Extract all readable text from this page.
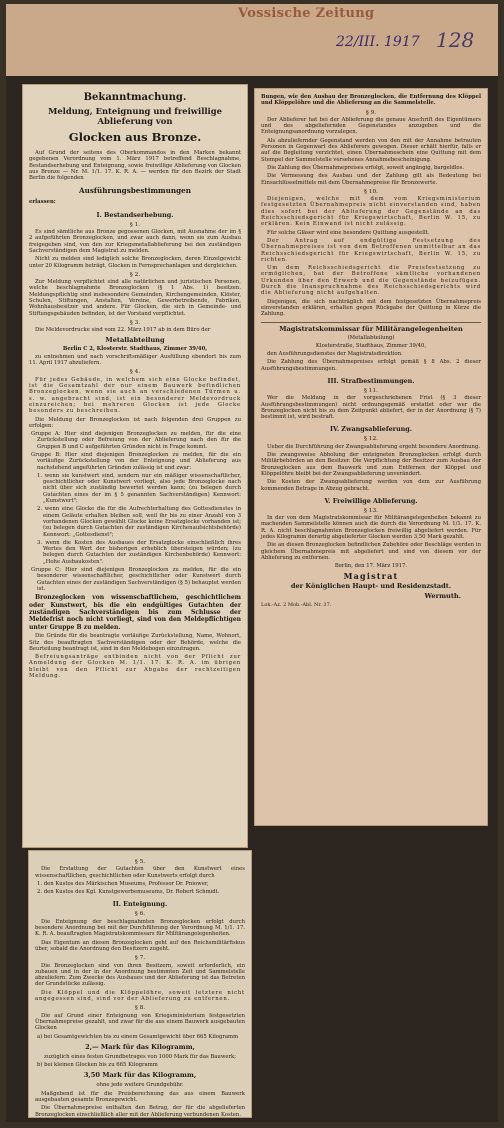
Vossische Zeitung
22/III. 1917 128
Bekanntmachung.
Meldung, Enteignung und freiwillige Ablieferung von
Glocken aus Bronze.

Auf Grund der seitens des Oberkommandos in den Marken bekannt gegebenen Verordnung vom 1. März 1917 betreffend Beschlagnahme, Bestandserhebung und Enteignung, sowie freiwillige Ablieferung von Glocken aus Bronze — Nr. M. 1/1. 17. K. R. A. — werden für den Bezirk der Stadt Berlin die folgenden

Ausführungsbestimmungen

erlassen:

I. Bestandserhebung.
§ 1.

Es sind sämtliche aus Bronze gegossenen Glocken, mit Ausnahme der im § 2 aufgeführten Bronzeglocken, und zwar auch dann, wenn sie zum Ausbau freigegeben sind, von den zur Kriegsmetallablieferung bei den zuständigen Sachverständigen dem Magistrat zu melden.

Nicht zu melden sind lediglich solche Bronzeglocken, deren Einzelgewicht unter 20 Kilogramm beträgt, Glocken in Fernsprechanlagen und dergleichen.

§ 2.

Zur Meldung verpflichtet sind alle natürlichen und juristischen Personen, welche beschlagnahmte Bronzeglocken (§ 1 Abs. 1) besitzen. Meldungspflichtig sind insbesondere Gemeinden, Kirchengemeinden, Klöster, Schulen, Stiftungen, Anstalten, Vereine, Gewerbetreibende, Fabriken, Wohnhausbesitzer und andere. Für Glocken, die sich in Gemeinde- und Stiftungsgebäuden befinden, ist der Vorstand verpflichtet.

§ 3.

Die Meldevordrucke sind vom 22. März 1917 ab in dem Büro der

Metallabteilung

Berlin C 2, Klosterstr. Stadthaus, Zimmer 39/40,

zu entnehmen und nach vorschriftsmäßiger Ausfüllung ebendort bis zum 11. April 1917 abzuliefern.

§ 4.

Für jedes Gebäude, in welchem sich eine Glocke befindet, ist die Gesamtzahl der nur einem Bauwerk befindlichen Bronzeglocken, wenn sie auch an verschiedenen Türmen u. s. w. angebracht sind, ist ein besonderer Meldevordruck einzureichen; bei mehreren Glocken ist jede Glocke besonders zu beschreiben.

Die Meldung der Bronzeglocken ist nach folgenden drei Gruppen zu erfolgen:

Gruppe A: Hier sind diejenigen Bronzeglocken zu melden, für die eine Zurückstellung oder Befreiung von der Ablieferung nach den für die Gruppen B und C aufgeführten Gründen nicht in Frage kommt.

Gruppe B: Hier sind diejenigen Bronzeglocken zu melden, für die ein vorläufige Zurückstellung von der Enteignung und Ablieferung aus nachstehend angeführten Gründen zulässig ist und zwar:

1. wenn sie kunstwert sind, sondern nur ein mäßiger wissenschaftlicher, geschichtlicher oder Kunstwert vorliegt, also jede Bronzeglocke nach nicht über sich zuständig bewertet werden kann; (zu belegen durch Gutachten eines der im § 5 genannten Sachverständigen) Kennwort: „Kunstwert";

2. wenn eine Glocke die für die Aufrechterhaltung des Gottesdienstes in einem Geläute erhalten bleiben soll, weil ihr bis zu einer Anzahl von 3 vorhandenen Glocken gewählt Glocke keine Ersatzglocke vorhanden ist; (zu belegen durch Gutachten der zuständigen Kirchenaufsichtsbehörde) Kennwort: „Gottesdienst";

3. wenn die Kosten des Ausbaues der Ersatzglocke einschließlich ihres Wertes den Wert der bisherigen erheblich übersteigen würden; (zu belegen durch Gutachten der zuständigen Kirchenbehörde) Kennwort: „Hohe Ausbaukosten".

Gruppe C: Hier sind diejenigen Bronzeglocken zu melden, für die ein besonderer wissenschaftlicher, geschichtlicher oder Kunstwert durch Gutachten eines der zuständigen Sachverständigen (§ 5) behauptet werden ist.

Bronzeglocken von wissenschaftlichem, geschichtlichem oder Kunstwert, bis die ein endgültiges Gutachten der zuständigen Sachverständigen bis zum Schlusse der Meldefrist noch nicht vorliegt, sind von den Meldepflichtigen unter Gruppe B zu melden.

Die Gründe für die beantragte vorläufige Zurückstellung, Name, Wohnort, Sitz des beauftragten Sachverständigen oder der Behörde, welche die Beurteilung beantragt ist, sind in den Meldebogen einzutragen.

Befreiungsanträge entbinden nicht von der Pflicht zur Anmeldung der Glocken M. 1/1. 17. K. R. A. im übrigen bleibt von den Pflicht zur Abgabe der rechtzeitigen Meldung.

§ 5.

Die Erstattung der Gutachten über den Kunstwert eines wissenschaftlichen, geschichtlichen oder Kunstwerts erfolgt durch

1. den Kustos des Märkischen Museums, Professor Dr. Pniower,

2. den Kustos des Kgl. Kunstgewerbemuseums, Dr. Robert Schmidt.

II. Enteignung.
§ 6.

Die Enteignung der beschlagnahmten Bronzeglocken erfolgt durch besondere Anordnung bei mit der Durchführung der Verordnung M. 1/1. 17. K. R. A. beauftragten Magistratskommissars für Militärangelegenheiten.

Das Eigentum an diesen Bronzeglocken geht auf den Reichsmilitärfiskus über, sobald die Anordnung den Besitzern zugeht.

§ 7.

Die Bronzeglocken sind von ihren Besitzern, soweit erforderlich, ein zubauen und in der in der Anordnung bestimmten Zeit und Sammelstelle abzuliefern. Zum Zwecke des Ausbaues und der Ablieferung ist das Betreten der Grundstücke zulässig.

Die Klöppel und die Klöppelöhre, soweit letztere nicht angegossen sind, sind vor der Ablieferung zu entfernen.

§ 8.

Die auf Grund einer Enteignung von Kriegsministerium festgesetzten Übernahmepreise gezahlt, und zwar für die aus einem Bauwerk ausgebauten Glocken

a) bei Gesamtgewichten bis zu einem Gesamtgewicht über 665 Kilogramm

2,— Mark für das Kilogramm,

zuzüglich eines festen Grundbetrages von 1000 Mark für das Bauwerk;

b) bei kleinen Glocken bis zu 665 Kilogramm

3,50 Mark für das Kilogramm,

ohne jede weitere Grundgebühr.

Maßgebend ist für die Preisberechnung das aus einem Bauwerk ausgebauten gesamte Bronzegewicht.

Die Übernahmepreise enthalten den Betrag, der für die abgelieferten Bronzeglocken einschließlich aller mit der Ablieferung verbundenen Kosten.

Bungen, wie den Ausbau der Bronzeglocken, die Entfernung des Klöppel und Klöppelöhre und die Ablieferung an die Sammelstelle.

§ 9.

Der Ablieferer hat bei der Ablieferung die genaue Anschrift des Eigentümers und des abgeliefernden Gegenstandes anzugeben und die Enteignungsanordnung vorzulegen.

Als abzuliefernder Gegenstand werden von den mit der Annahme betrauten Personen in Gegenwart des Ablieferers gewogen. Dieser erhält hierfür, falls er auf die Begleitung verzichtet, einen Übernahmeschein eine Quittung mit dem Stempel der Sammelstelle versehenes Annahmebescheinigung.

Die Zahlung des Übernahmepreises erfolgt, soweit angängig, bargeldlos.

Die Vermessung des Ausbau und der Zahlung gilt als Bedeutung bei Einsachlüsselmittels mit dem Übernahmepreise für Bronzewerte.

§ 10.

Diejenigen, welche mit dem vom Kriegsministerium festgesetzten Übernahmepreis nicht einverstanden sind, haben dies sofort bei der Ablieferung der Gegenstände an das Reichsschiedsgericht für Kriegswirtschaft, Berlin W. 15, zu erklären. Kein Einwand ist nicht zulässig.

Für solche Gläser wird eine besondere Quittung ausgestellt.

Der Antrag auf endgültige Festsetzung des Übernahmepreises ist von dem Betroffenen unmittelbar an das Reichsschiedsgericht für Kriegswirtschaft, Berlin W. 15, zu richten.

Um dem Reichsschiedsgericht die Preisfestsetzung zu ermöglichen, hat der Betroffene sämtliche vorhandenen Urkunden über den Erwerb und die Gegenstände beizufügen. Durch die Inanspruchnahme des Reichsschiedsgerichts wird die Ablieferung nicht aufgehalten.

Diejenigen, die sich nachträglich mit dem festgesetzten Übernahmepreis einverstanden erklären, erhalten gegen Rückgabe der Quittung in Kürze die Zahlung.

Magistratskommissar für Militärangelegenheiten

(Metallabteilung)

Klosterstraße, Stadthaus, Zimmer 39/40,

den Ausführungsdienstes der Magistratsdirektion.

Die Zahlung des Übernahmepreises erfolgt gemäß § 8 Abs. 2 dieser Ausführungsbestimmungen.

III. Strafbestimmungen.
§ 11.

Wer die Meldung in der vorgeschriebenen Frist (§ 3 dieser Ausführungsbestimmungen) nicht ordnungsgemäß erstattet oder wer die Bronzeglocken nicht bis zu dem Zeitpunkt abliefert, der in der Anordnung (§ 7) bestimmt ist, wird bestraft.

IV. Zwangsablieferung.
§ 12.

Ueber die Durchführung der Zwangsablieferung ergeht besondere Anordnung.

Die zwangsweise Abholung der enteigneten Bronzeglocken erfolgt durch Militärbehörden an den Besitzer. Die Verpflichtung der Besitzer zum Ausbau der Bronzeglocken aus dem Bauwerk und zum Entfernen der Klöppel und Klöppelöhre bleibt bei der Zwangsablieferung unverändert.

Die Kosten der Zwangsablieferung werden von dem zur Ausführung kommenden Betrage in Abzug gebracht.

V. Freiwillige Ablieferung.
§ 13.

In der von dem Magistratskommissar für Militärangelegenheiten bekannt zu machenden Sammelstelle können auch die durch die Verordnung M. 1/1. 17. K. R. A. nicht beschlagnahmten Bronzeglocken freiwillig abgeliefert werden. Für jedes Kilogramm derartig abgelieferter Glocken werden 3,50 Mark gezahlt.

Die an diesen Bronzeglocken befindlichen Zubehöre oder Beschläge werden in gleichem Übernahmepreis mit abgeliefert und sind von diesem vor der Ablieferung zu entfernen.

Berlin, den 17. März 1917.

Magistrat
der Königlichen Haupt- und Residenzstadt.
Wermuth.
Lok.-Az. 2 Mob.-Abl. Nr. 37.
